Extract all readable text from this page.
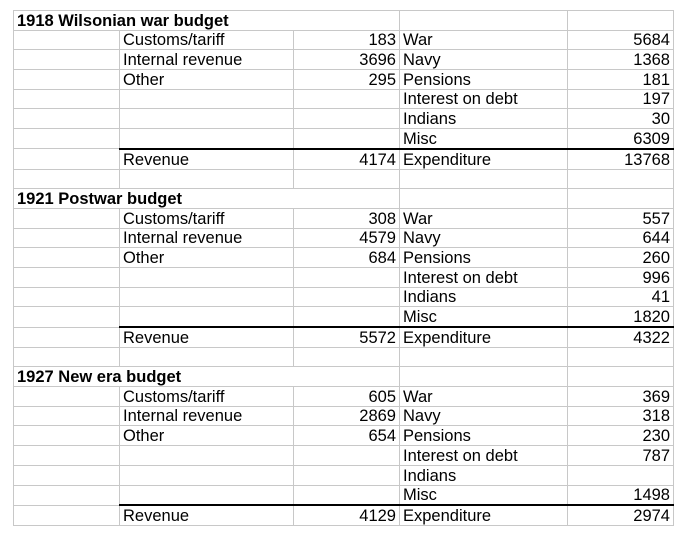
1918 Wilsonian war budget				
	Customs/tariff	183	War	5684
	Internal revenue	3696	Navy	1368
	Other	295	Pensions	181
			Interest on debt	197
			Indians	30
			Misc	6309
	Revenue	4174	Expenditure	13768

1921 Postwar budget				
	Customs/tariff	308	War	557
	Internal revenue	4579	Navy	644
	Other	684	Pensions	260
			Interest on debt	996
			Indians	41
			Misc	1820
	Revenue	5572	Expenditure	4322

1927 New era budget				
	Customs/tariff	605	War	369
	Internal revenue	2869	Navy	318
	Other	654	Pensions	230
			Interest on debt	787
			Indians	
			Misc	1498
	Revenue	4129	Expenditure	2974
